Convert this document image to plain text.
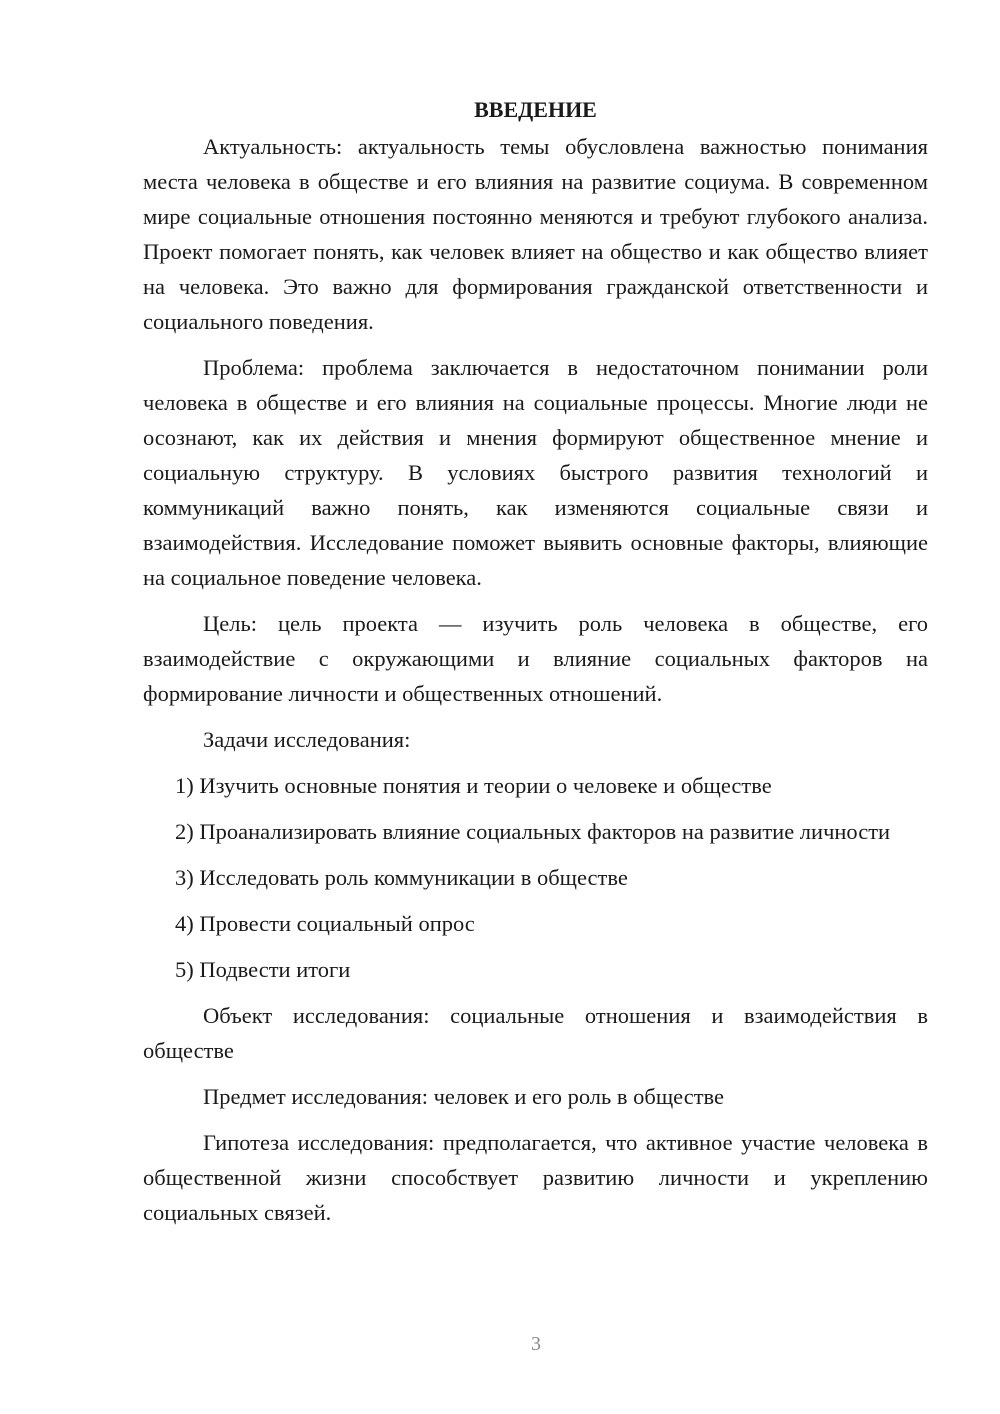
ВВЕДЕНИЕ

Актуальность: актуальность темы обусловлена важностью понимания места человека в обществе и его влияния на развитие социума. В современном мире социальные отношения постоянно меняются и требуют глубокого анализа. Проект помогает понять, как человек влияет на общество и как общество влияет на человека. Это важно для формирования гражданской ответственности и социального поведения.

Проблема: проблема заключается в недостаточном понимании роли человека в обществе и его влияния на социальные процессы. Многие люди не осознают, как их действия и мнения формируют общественное мнение и социальную структуру. В условиях быстрого развития технологий и коммуникаций важно понять, как изменяются социальные связи и взаимодействия. Исследование поможет выявить основные факторы, влияющие на социальное поведение человека.

Цель: цель проекта — изучить роль человека в обществе, его взаимодействие с окружающими и влияние социальных факторов на формирование личности и общественных отношений.

Задачи исследования:

1) Изучить основные понятия и теории о человеке и обществе

2) Проанализировать влияние социальных факторов на развитие личности

3) Исследовать роль коммуникации в обществе

4) Провести социальный опрос

5) Подвести итоги

Объект исследования: социальные отношения и взаимодействия в обществе

Предмет исследования: человек и его роль в обществе

Гипотеза исследования: предполагается, что активное участие человека в общественной жизни способствует развитию личности и укреплению социальных связей.

3
